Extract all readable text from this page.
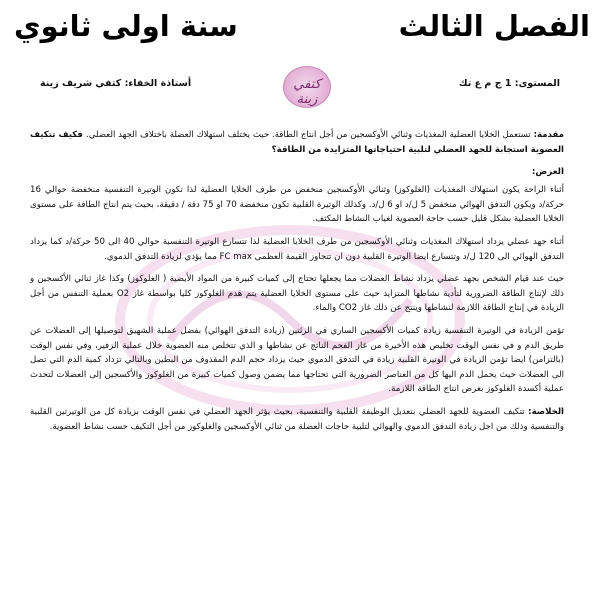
الفصل الثالث
سنة اولى ثانوي
المستوى: 1 ج م ع تك
أستاذة الخفاء: كتفي شريف زينة	كتفي زينة

مقدمة: تستعمل الخلايا العضلية المغذيات وثنائي الأوكسجين من أجل انتاج الطاقة. حيث يختلف استهلاك العضلة باختلاف الجهد العضلي. فكيف تتكيف العضوية استجابة للجهد العضلي لتلبية احتياجاتها المتزايدة من الطاقة؟

العرض:

أثناء الراحة يكون استهلاك المغذيات (الغلوكوز) وثنائي الأوكسجين منخفض من طرف الخلايا العضلية لذا تكون الوتيرة التنفسية منخفضة حوالي 16 حركة/د ويكون التدفق الهوائي منخفض 5 ل/د او 6 ل/د. وكذلك الوتيرة القلبية تكون منخفضة 70 او 75 دقة / دقيقة، بحيث يتم انتاج الطاقة على مستوى الخلايا العضلية بشكل قليل حسب حاجة العضوية لغياب النشاط المكثف.

أثناء جهد عضلي يزداد استهلاك المغذيات وثنائي الأوكسجين من طرف الخلايا العضلية لذا تتسارع الوتيرة التنفسية حوالي 40 الى 50 حركة/د كما يزداد التدفق الهوائي الى 120 ل/د وتتسارع ايضا الوتيرة القلبية دون ان تتجاوز القيمة العظمى FC max مما يؤدي لزيادة التدفق الدموي.

حيث عند قيام الشخص بجهد عضلي يزداد نشاط العضلات مما يجعلها تحتاج إلى كميات كبيرة من المواد الأيضية ( الغلوكوز) وكذا غاز ثنائي الأكسجين و ذلك لإنتاج الطاقة الضرورية لتأدية نشاطها المتزايد حيث على مستوى الخلايا العضلية يتم هدم الغلوكوز كليا بواسطة غاز O2 بعملية التنفس من أجل الزيادة في إنتاج الطاقة اللازمة لنشاطها وينتج عن ذلك غاز CO2 والماء.

تؤمن الزيادة في الوتيرة التنفسية زيادة كميات الأكسجين الساري في الرئتين (زيادة التدفق الهوائي) بفضل عملية الشهيق لتوصيلها إلى العضلات عن طريق الدم و في نفس الوقت تخليص هذه الأخيرة من غاز الفحم الناتج عن نشاطها و الذي تتخلص منه العضوية خلال عملية الزفير، وفي نفس الوقت (بالتزامن) ايضا تؤمن الزيادة في الوتيرة القلبية زيادة في التدفق الدموي حيث يزداد حجم الدم المقذوف من البطين وبالتالي تزداد كمية الدم التي تصل الى العضلات حيث يحمل الدم اليها كل من العناصر الضرورية التي تحتاجها مما يضمن وصول كميات كبيرة من الغلوكوز والأكسجين إلى العضلات لتحدث عملية أكسدة الغلوكوز بغرض انتاج الطاقة اللازمة.

الخلاصة: تتكيف العضوية للجهد العضلي بتعديل الوظيفة القلبية والتنفسية، بحيث يؤثر الجهد العضلي في نفس الوقت بزيادة كل من الوتيرتين القلبية والتنفسية وذلك من اجل زيادة التدفق الدموي والهوائي لتلبية حاجات العضلة من ثنائي الأوكسجين والغلوكوز من أجل التكيف حسب نشاط العضوية.
